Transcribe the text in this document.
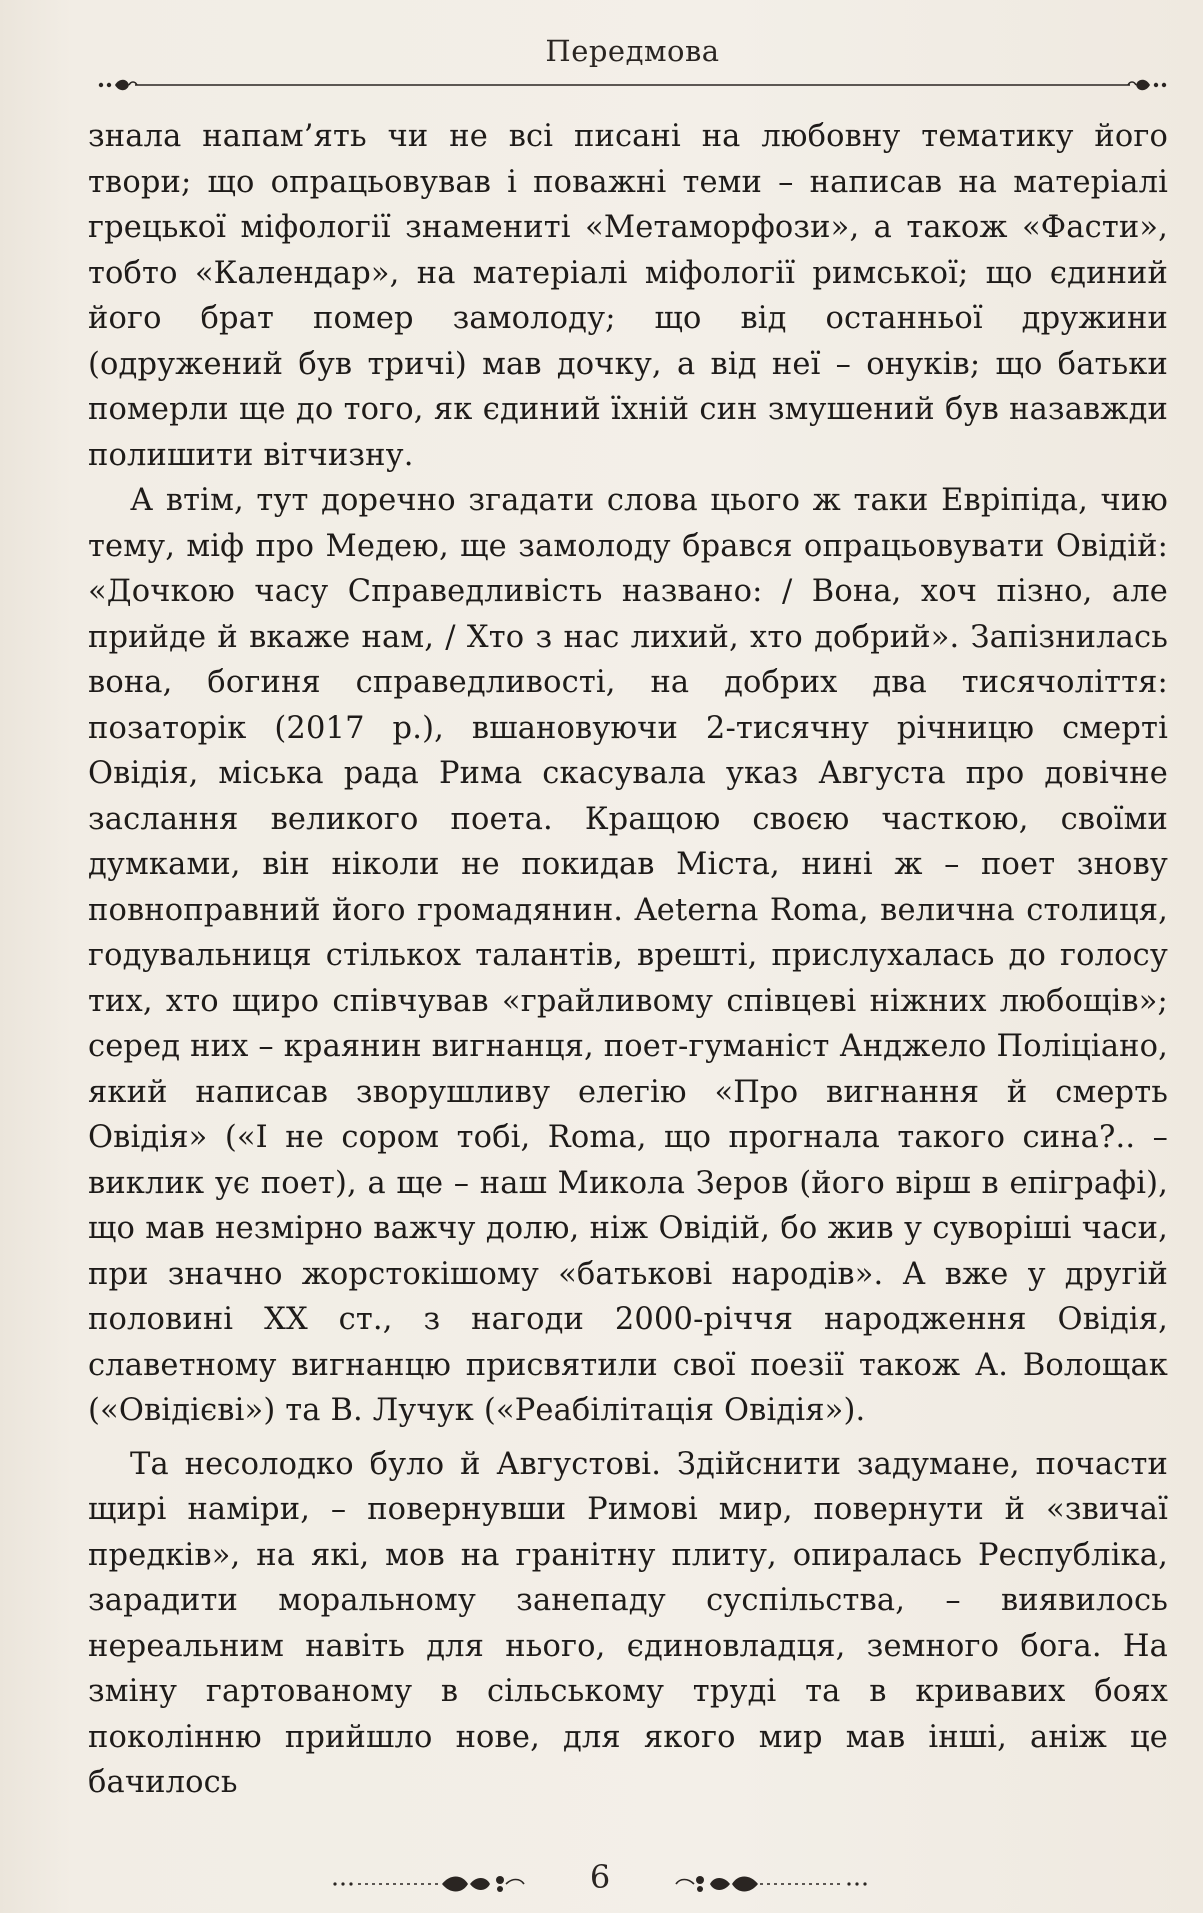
Передмова

знала напам’ять чи не всі писані на любовну тематику його твори; що опрацьовував і поважні теми – написав на матеріалі грецької міфології знамениті «Метаморфози», а також «Фасти», тобто «Календар», на матеріалі міфології римської; що єдиний його брат помер замолоду; що від останньої дружини (одружений був тричі) мав дочку, а від неї – онуків; що батьки померли ще до того, як єдиний їхній син змушений був назавжди полишити вітчизну.

А втім, тут доречно згадати слова цього ж таки Евріпіда, чию тему, міф про Медею, ще замолоду брався опрацьовувати Овідій: «Дочкою часу Справедливість названо: / Вона, хоч пізно, але прийде й вкаже нам, / Хто з нас лихий, хто добрий». Запізнилась вона, богиня справедливості, на добрих два тисячоліття: позаторік (2017 р.), вшановуючи 2-тисячну річницю смерті Овідія, міська рада Рима скасувала указ Августа про довічне заслання великого поета. Кращою своєю часткою, своїми думками, він ніколи не покидав Міста, нині ж – поет знову повноправний його громадянин. Aeterna Roma, велична столиця, годувальниця стількох талантів, врешті, прислухалась до голосу тих, хто щиро співчував «грайливому співцеві ніжних любощів»; серед них – краянин вигнанця, поет-гуманіст Анджело Поліціано, який написав зворушливу елегію «Про вигнання й смерть Овідія» («І не сором тобі, Roma, що прогнала такого сина?.. – виклик ує поет), а ще – наш Микола Зеров (його вірш в епіграфі), що мав незмірно важчу долю, ніж Овідій, бо жив у суворіші часи, при значно жорстокішому «батькові народів». А вже у другій половині XX ст., з нагоди 2000-річчя народження Овідія, славетному вигнанцю присвятили свої поезії також А. Волощак («Овідієві») та В. Лучук («Реабілітація Овідія»).

Та несолодко було й Августові. Здійснити задумане, почасти щирі наміри, – повернувши Римові мир, повернути й «звичаї предків», на які, мов на гранітну плиту, опиралась Республіка, зарадити моральному занепаду суспільства, – виявилось нереальним навіть для нього, єдиновладця, земного бога. На зміну гартованому в сільському труді та в кривавих боях поколінню прийшло нове, для якого мир мав інші, аніж це бачилось

6
